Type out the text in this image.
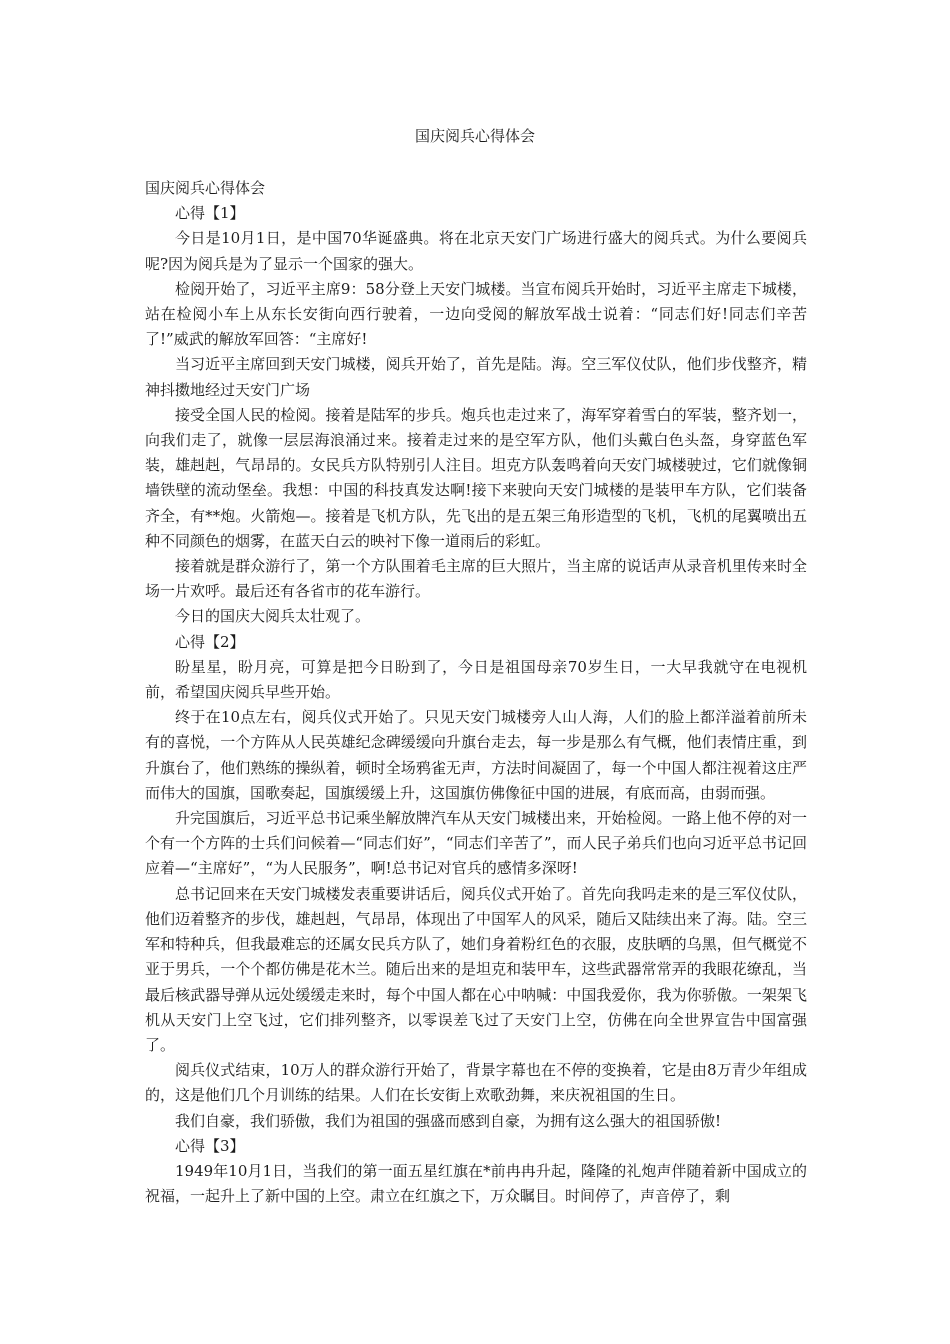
国庆阅兵心得体会

国庆阅兵心得体会

心得【1】

今日是10月1日，是中国70华诞盛典。将在北京天安门广场进行盛大的阅兵式。为什么要阅兵呢?因为阅兵是为了显示一个国家的强大。

检阅开始了，习近平主席9：58分登上天安门城楼。当宣布阅兵开始时，习近平主席走下城楼，站在检阅小车上从东长安街向西行驶着，一边向受阅的解放军战士说着：“同志们好!同志们辛苦了!”威武的解放军回答：“主席好!

当习近平主席回到天安门城楼，阅兵开始了，首先是陆。海。空三军仪仗队，他们步伐整齐，精神抖擞地经过天安门广场

接受全国人民的检阅。接着是陆军的步兵。炮兵也走过来了，海军穿着雪白的军装，整齐划一，向我们走了，就像一层层海浪涌过来。接着走过来的是空军方队，他们头戴白色头盔，身穿蓝色军装，雄赳赳，气昂昂的。女民兵方队特别引人注目。坦克方队轰鸣着向天安门城楼驶过，它们就像铜墙铁壁的流动堡垒。我想：中国的科技真发达啊!接下来驶向天安门城楼的是装甲车方队，它们装备齐全，有**炮。火箭炮—。接着是飞机方队，先飞出的是五架三角形造型的飞机，飞机的尾翼喷出五种不同颜色的烟雾，在蓝天白云的映衬下像一道雨后的彩虹。

接着就是群众游行了，第一个方队围着毛主席的巨大照片，当主席的说话声从录音机里传来时全场一片欢呼。最后还有各省市的花车游行。

今日的国庆大阅兵太壮观了。

心得【2】

盼星星，盼月亮，可算是把今日盼到了，今日是祖国母亲70岁生日，一大早我就守在电视机前，希望国庆阅兵早些开始。

终于在10点左右，阅兵仪式开始了。只见天安门城楼旁人山人海，人们的脸上都洋溢着前所未有的喜悦，一个方阵从人民英雄纪念碑缓缓向升旗台走去，每一步是那么有气概，他们表情庄重，到升旗台了，他们熟练的操纵着，顿时全场鸦雀无声，方法时间凝固了，每一个中国人都注视着这庄严而伟大的国旗，国歌奏起，国旗缓缓上升，这国旗仿佛像征中国的进展，有底而高，由弱而强。

升完国旗后，习近平总书记乘坐解放牌汽车从天安门城楼出来，开始检阅。一路上他不停的对一个有一个方阵的士兵们问候着—“同志们好”，“同志们辛苦了”，而人民子弟兵们也向习近平总书记回应着—“主席好”，“为人民服务”，啊!总书记对官兵的感情多深呀!

总书记回来在天安门城楼发表重要讲话后，阅兵仪式开始了。首先向我吗走来的是三军仪仗队，他们迈着整齐的步伐，雄赳赳，气昂昂，体现出了中国军人的风采，随后又陆续出来了海。陆。空三军和特种兵，但我最难忘的还属女民兵方队了，她们身着粉红色的衣服，皮肤晒的乌黑，但气概觉不亚于男兵，一个个都仿佛是花木兰。随后出来的是坦克和装甲车，这些武器常常弄的我眼花缭乱，当最后核武器导弹从远处缓缓走来时，每个中国人都在心中呐喊：中国我爱你，我为你骄傲。一架架飞机从天安门上空飞过，它们排列整齐，以零误差飞过了天安门上空，仿佛在向全世界宣告中国富强了。

阅兵仪式结束，10万人的群众游行开始了，背景字幕也在不停的变换着，它是由8万青少年组成的，这是他们几个月训练的结果。人们在长安街上欢歌劲舞，来庆祝祖国的生日。

我们自豪，我们骄傲，我们为祖国的强盛而感到自豪，为拥有这么强大的祖国骄傲!

心得【3】

1949年10月1日，当我们的第一面五星红旗在*前冉冉升起，隆隆的礼炮声伴随着新中国成立的祝福，一起升上了新中国的上空。肃立在红旗之下，万众瞩目。时间停了，声音停了，剩
